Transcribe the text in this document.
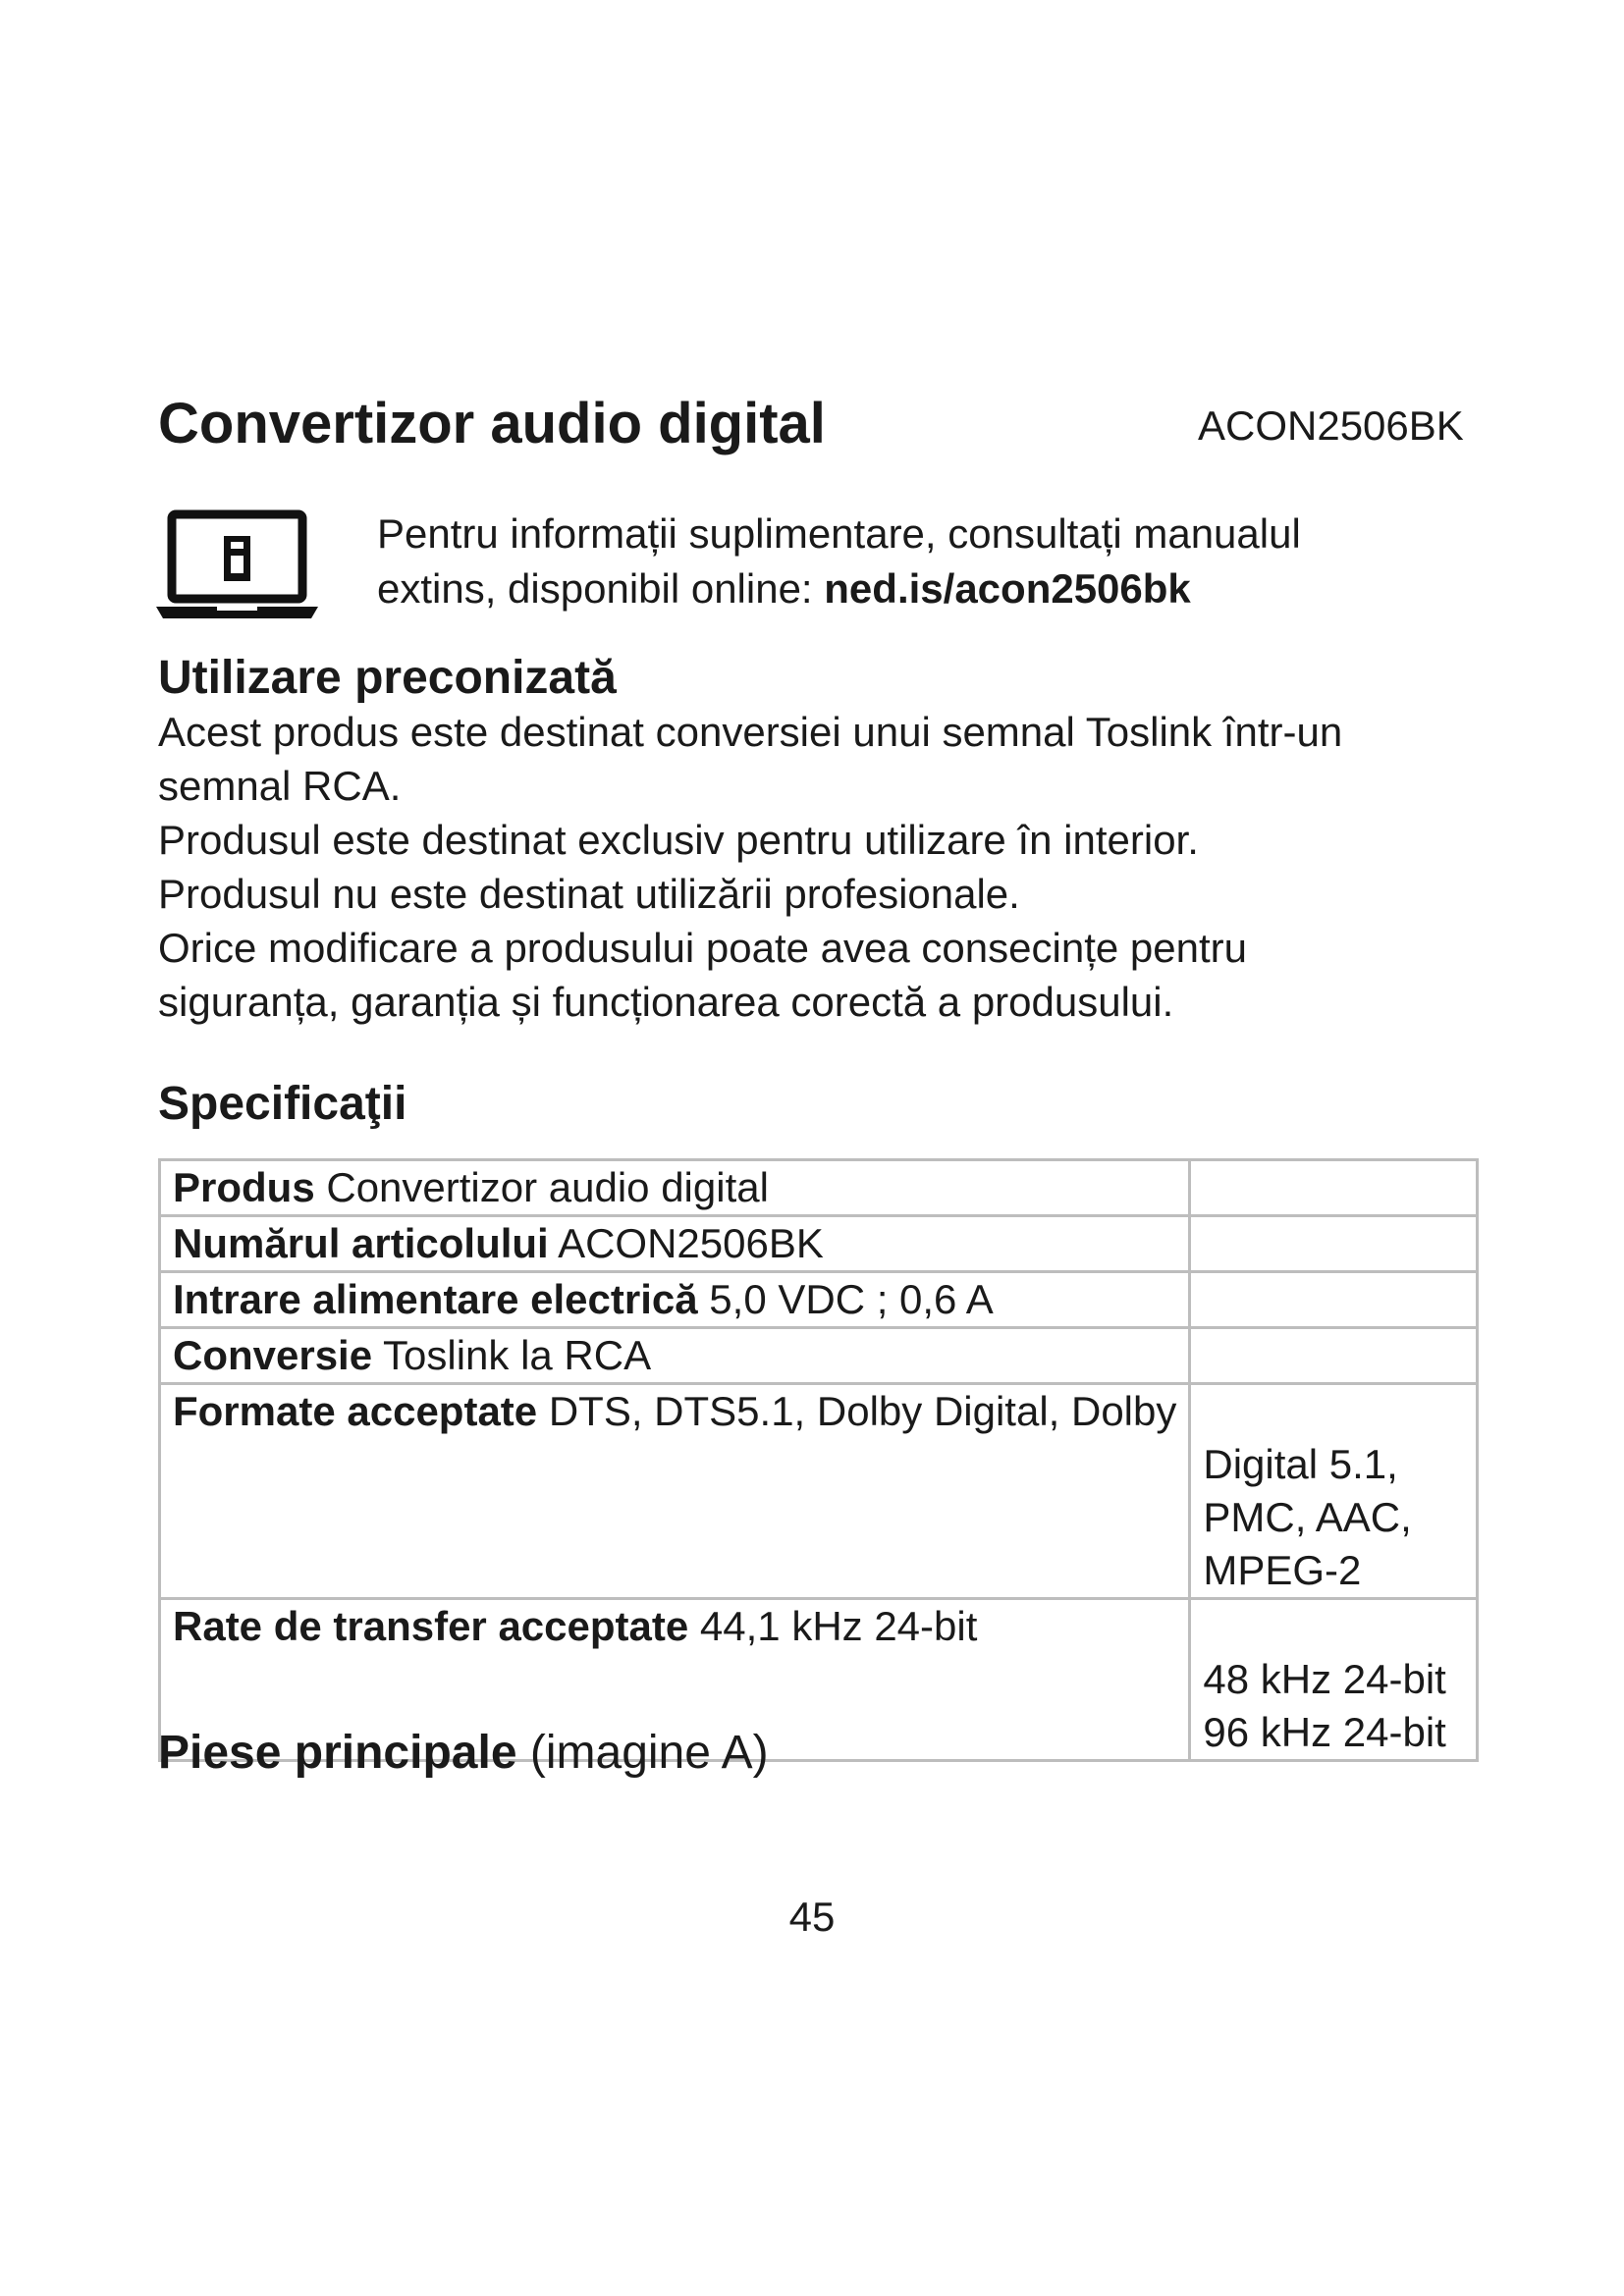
Convertizor audio digital	ACON2506BK
Pentru informații suplimentare, consultați manualul
extins, disponibil online: ned.is/acon2506bk
Utilizare preconizată

Acest produs este destinat conversiei unui semnal Toslink într-un

semnal RCA.

Produsul este destinat exclusiv pentru utilizare în interior.

Produsul nu este destinat utilizării profesionale.

Orice modificare a produsului poate avea consecințe pentru

siguranța, garanția și funcționarea corectă a produsului.

Specificaţii
Produs Convertizor audio digital	

Numărul articolului ACON2506BK	

Intrare alimentare electrică 5,0 VDC ; 0,6 A	

Conversie Toslink la RCA	

Formate acceptate DTS, DTS5.1, Dolby Digital, Dolby	Digital 5.1, PMC, AAC, MPEG-2

Rate de transfer acceptate 44,1 kHz 24-bit	48 kHz 24-bit
96 kHz 24-bit
Piese principale (imagine A)
45
